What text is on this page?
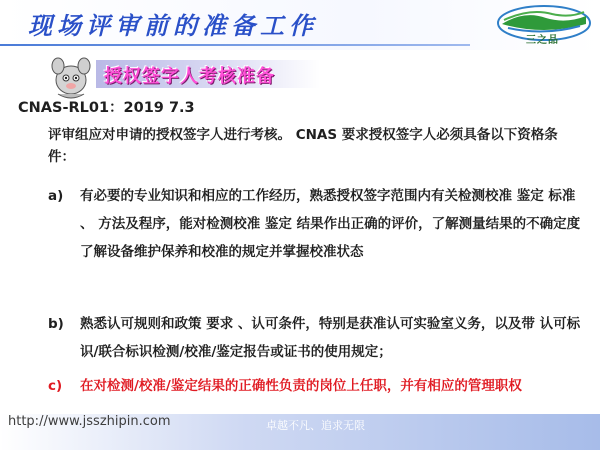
现场评审前的准备工作
三之品
授权签字人考核准备
CNAS-RL01：2019 7.3
评审组应对申请的授权签字人进行考核。 CNAS 要求授权签字人必须具备以下资格条件：
a) 有必要的专业知识和相应的工作经历，熟悉授权签字范围内有关检测校准 鉴定 标准 、 方法及程序，能对检测校准 鉴定 结果作出正确的评价，了解测量结果的不确定度了解设备维护保养和校准的规定并掌握校准状态
b) 熟悉认可规则和政策 要求 、认可条件，特别是获准认可实验室义务，以及带 认可标识/联合标识检测/校准/鉴定报告或证书的使用规定；
c) 在对检测/校准/鉴定结果的正确性负责的岗位上任职，并有相应的管理职权
http://www.jsszhipin.com	卓越不凡、追求无限
